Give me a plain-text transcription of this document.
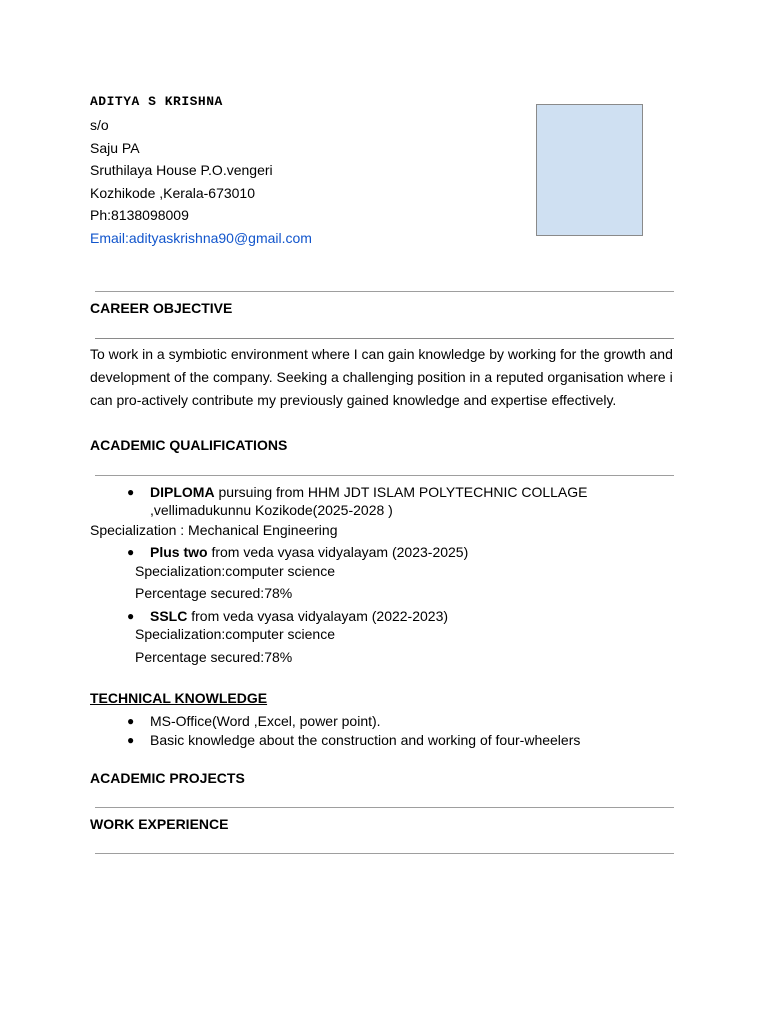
ADITYA S KRISHNA
s/o
Saju PA
Sruthilaya House P.O.vengeri
Kozhikode ,Kerala-673010
Ph:8138098009
Email:adityaskrishna90@gmail.com
CAREER OBJECTIVE
To work in a symbiotic environment where I can gain knowledge by working for the growth and development of the company. Seeking a challenging position in a reputed organisation where i can pro-actively contribute my previously gained knowledge and expertise effectively.
ACADEMIC QUALIFICATIONS
● DIPLOMA pursuing from HHM JDT ISLAM POLYTECHNIC COLLAGE
,vellimadukunnu Kozikode(2025-2028 )
Specialization : Mechanical Engineering
● Plus two from veda vyasa vidyalayam (2023-2025)
Specialization:computer science
Percentage secured:78%
● SSLC from veda vyasa vidyalayam (2022-2023)
Specialization:computer science
Percentage secured:78%
TECHNICAL KNOWLEDGE
● MS-Office(Word ,Excel, power point).
● Basic knowledge about the construction and working of four-wheelers
ACADEMIC PROJECTS
WORK EXPERIENCE
